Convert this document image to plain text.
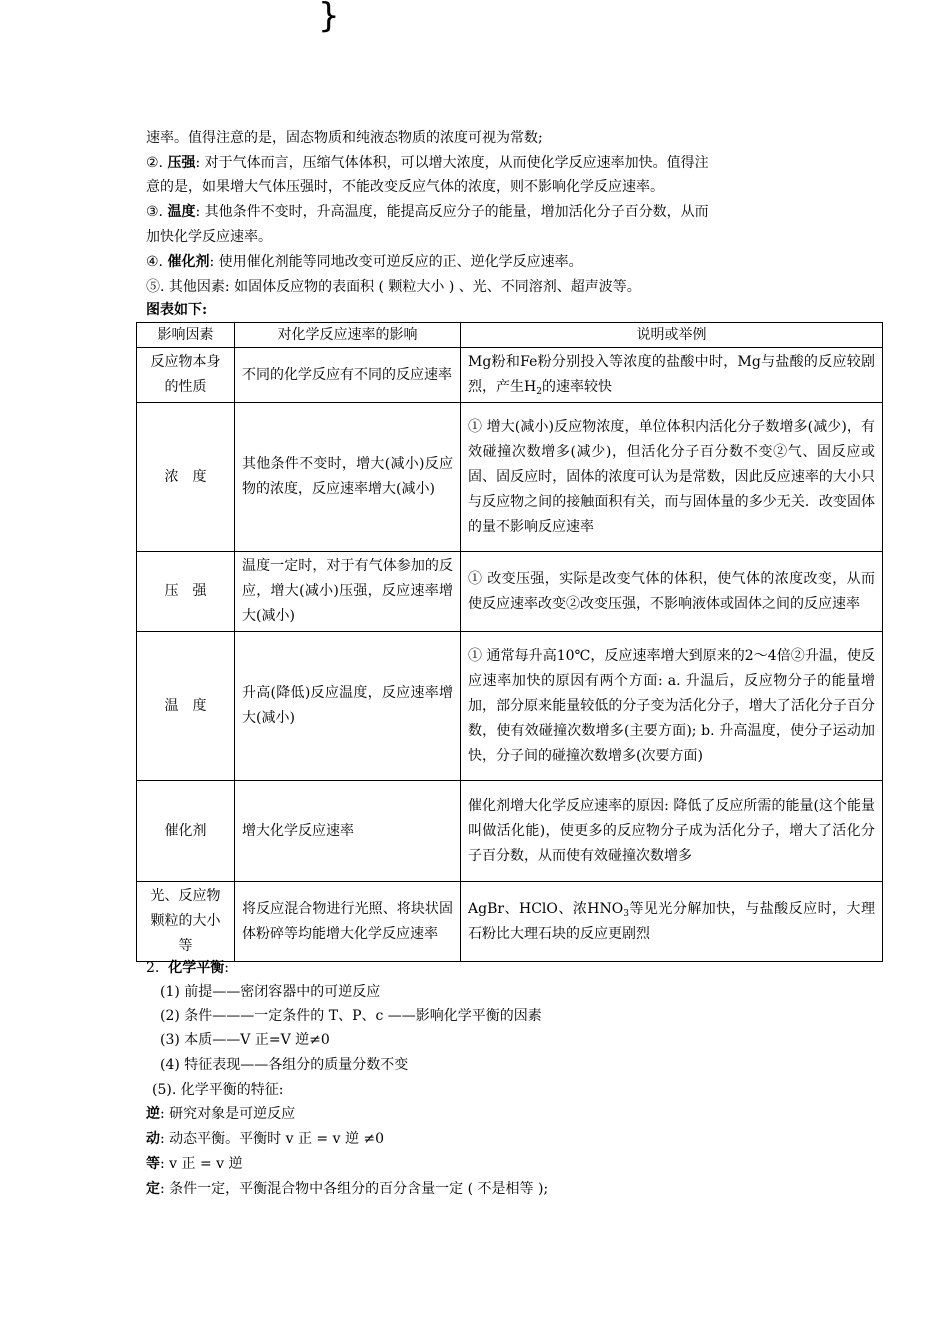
}
速率。值得注意的是，固态物质和纯液态物质的浓度可视为常数;
②. 压强: 对于气体而言，压缩气体体积，可以增大浓度，从而使化学反应速率加快。值得注
意的是，如果增大气体压强时，不能改变反应气体的浓度，则不影响化学反应速率。
③. 温度: 其他条件不变时，升高温度，能提高反应分子的能量，增加活化分子百分数，从而
加快化学反应速率。
④. 催化剂: 使用催化剂能等同地改变可逆反应的正、逆化学反应速率。
⑤. 其他因素: 如固体反应物的表面积 ( 颗粒大小 ) 、光、不同溶剂、超声波等。
图表如下:
影响因素	对化学反应速率的影响	说明或举例
反应物本身的性质	不同的化学反应有不同的反应速率	Mg粉和Fe粉分别投入等浓度的盐酸中时，Mg与盐酸的反应较剧烈，产生$H_2$的速率较快
浓　度	其他条件不变时，增大(减小)反应物的浓度，反应速率增大(减小)	① 增大(减小)反应物浓度，单位体积内活化分子数增多(减少)，有效碰撞次数增多(减少)，但活化分子百分数不变②气、固反应或固、固反应时，固体的浓度可认为是常数，因此反应速率的大小只与反应物之间的接触面积有关，而与固体量的多少无关．改变固体的量不影响反应速率
压　强	温度一定时，对于有气体参加的反应，增大(减小)压强，反应速率增大(减小)	① 改变压强，实际是改变气体的体积，使气体的浓度改变，从而使反应速率改变②改变压强，不影响液体或固体之间的反应速率
温　度	升高(降低)反应温度，反应速率增大(减小)	① 通常每升高10℃，反应速率增大到原来的2～4倍②升温，使反应速率加快的原因有两个方面: a. 升温后，反应物分子的能量增加，部分原来能量较低的分子变为活化分子，增大了活化分子百分数，使有效碰撞次数增多(主要方面); b. 升高温度，使分子运动加快，分子间的碰撞次数增多(次要方面)
催化剂	增大化学反应速率	催化剂增大化学反应速率的原因: 降低了反应所需的能量(这个能量叫做活化能)，使更多的反应物分子成为活化分子，增大了活化分子百分数，从而使有效碰撞次数增多
光、反应物颗粒的大小等	将反应混合物进行光照、将块状固体粉碎等均能增大化学反应速率	AgBr、HClO、浓$HNO_3$等见光分解加快，与盐酸反应时，大理石粉比大理石块的反应更剧烈
2. 化学平衡:
(1) 前提——密闭容器中的可逆反应
(2) 条件———一定条件的 T、P、c ——影响化学平衡的因素
(3) 本质——V 正=V 逆≠0
(4) 特征表现——各组分的质量分数不变
(5). 化学平衡的特征:
逆: 研究对象是可逆反应
动: 动态平衡。平衡时 v 正 = v 逆 ≠0
等: v 正 = v 逆
定: 条件一定，平衡混合物中各组分的百分含量一定 ( 不是相等 );
